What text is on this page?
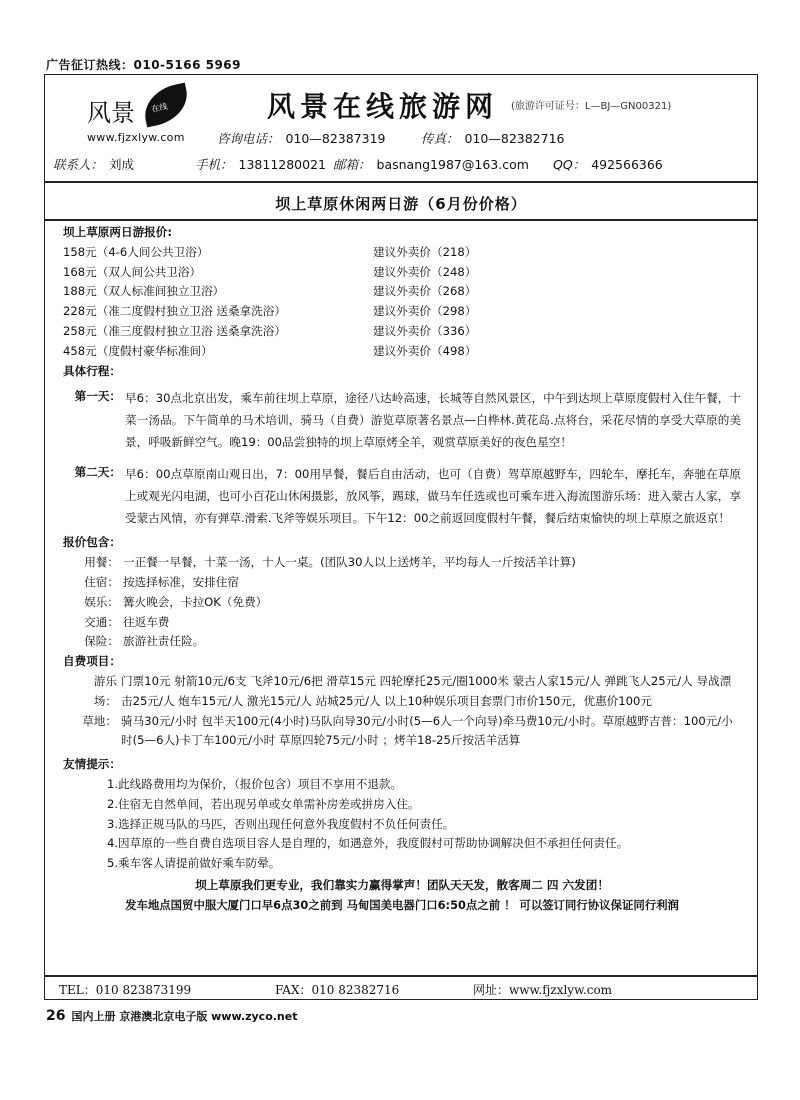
广告征订热线：010-5166 5969
风景 在线
www.fjzxlyw.com
风景在线旅游网 (旅游许可证号：L—BJ—GN00321)
咨询电话： 010—82387319	传真： 010—82382716
联系人： 刘成	手机： 13811280021 邮箱： basnang1987@163.com QQ： 492566366
坝上草原休闲两日游（6月份价格）
坝上草原两日游报价:
158元（4-6人间公共卫浴）	建议外卖价（218）
168元（双人间公共卫浴）	建议外卖价（248）
188元（双人标准间独立卫浴）	建议外卖价（268）
228元（准二度假村独立卫浴 送桑拿洗浴）	建议外卖价（298）
258元（准三度假村独立卫浴 送桑拿洗浴）	建议外卖价（336）
458元（度假村豪华标准间）	建议外卖价（498）
具体行程：
第一天： 早6：30点北京出发，乘车前往坝上草原，途径八达岭高速，长城等自然风景区，中午到达坝上草原度假村入住午餐，十菜一汤品。下午简单的马术培训，骑马（自费）游览草原著名景点—白桦林.黄花岛.点将台，采花尽情的享受大草原的美景，呼吸新鲜空气。晚19：00品尝独特的坝上草原烤全羊，观赏草原美好的夜色星空！
第二天： 早6：00点草原南山观日出，7：00用早餐，餐后自由活动，也可（自费）驾草原越野车，四轮车，摩托车，奔驰在草原上或观光闪电湖，也可小百花山休闲摄影，放风筝，踢球，做马车任选或也可乘车进入海流图游乐场：进入蒙古人家，享受蒙古风情，亦有弹草.滑索.飞斧等娱乐项目。下午12：00之前返回度假村午餐，餐后结束愉快的坝上草原之旅返京！
报价包含：
用餐： 一正餐一早餐，十菜一汤，十人一桌。(团队30人以上送烤羊，平均每人一斤按活羊计算)
住宿： 按选择标准，安排住宿
娱乐： 篝火晚会，卡拉OK（免费）
交通： 往返车费
保险： 旅游社责任险。
自费项目：
游乐场：
门票10元 射箭10元/6支 飞斧10元/6把 滑草15元 四轮摩托25元/圈1000米 蒙古人家15元/人 弹跳飞人25元/人 导战漂击25元/人 炮车15元/人 激光15元/人 站城25元/人 以上10种娱乐项目套票门市价150元，优惠价100元
草地： 骑马30元/小时 包半天100元(4小时)马队向导30元/小时(5—6人一个向导)牵马费10元/小时。草原越野吉普：100元/小时(5—6人)卡丁车100元/小时 草原四轮75元/小时 ；烤羊18-25斤按活羊活算
友情提示：
1.此线路费用均为保价，（报价包含）项目不享用不退款。
2.住宿无自然单间，若出现另单或女单需补房差或拼房入住。
3.选择正规马队的马匹，否则出现任何意外我度假村不负任何责任。
4.因草原的一些自费自选项目容人是自理的，如遇意外，我度假村可帮助协调解决但不承担任何责任。
5.乘车客人请提前做好乘车防晕。
坝上草原我们更专业，我们靠实力赢得掌声！团队天天发，散客周二 四 六发团！
发车地点国贸中服大厦门口早6点30之前到 马甸国美电器门口6:50点之前 ！ 可以签订同行协议保证同行利润
TEL：010 82387319​9	FAX：010 82382716	网址：www.fjzxlyw.com
26 国内上册 京港澳北京电子版 www.zyco.net
